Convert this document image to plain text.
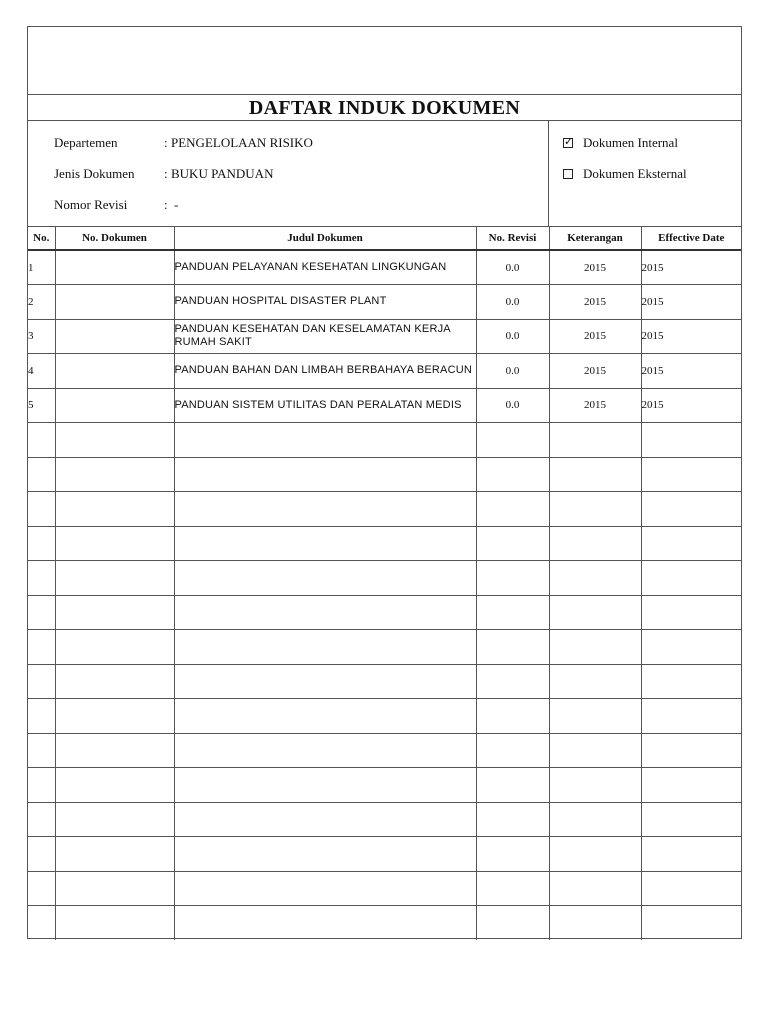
DAFTAR INDUK DOKUMEN
Departemen	: PENGELOLAAN RISIKO
Jenis Dokumen	: BUKU PANDUAN
Nomor Revisi	: -
✓ Dokumen Internal
Dokumen Eksternal
No.	No. Dokumen	Judul Dokumen	No. Revisi	Keterangan	Effective Date
1		PANDUAN PELAYANAN KESEHATAN LINGKUNGAN	0.0	2015	2015
2		PANDUAN HOSPITAL DISASTER PLANT	0.0	2015	2015
3		PANDUAN KESEHATAN DAN KESELAMATAN KERJA RUMAH SAKIT	0.0	2015	2015
4		PANDUAN BAHAN DAN LIMBAH BERBAHAYA BERACUN	0.0	2015	2015
5		PANDUAN SISTEM UTILITAS DAN PERALATAN MEDIS	0.0	2015	2015
